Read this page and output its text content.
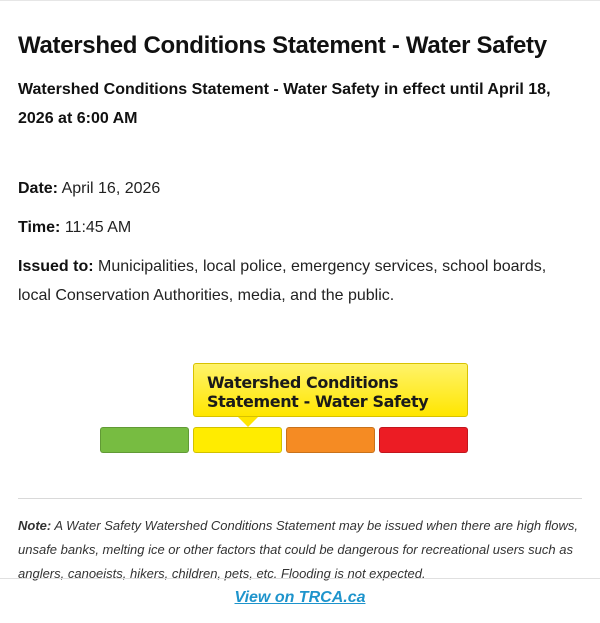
Watershed Conditions Statement - Water Safety

Watershed Conditions Statement - Water Safety in effect until April 18, 2026 at 6:00 AM

Date: April 16, 2026

Time: 11:45 AM

Issued to: Municipalities, local police, emergency services, school boards, local Conservation Authorities, media, and the public.

Watershed Conditions
Statement - Water Safety

Note: A Water Safety Watershed Conditions Statement may be issued when there are high flows, unsafe banks, melting ice or other factors that could be dangerous for recreational users such as anglers, canoeists, hikers, children, pets, etc. Flooding is not expected.

View on TRCA.ca
